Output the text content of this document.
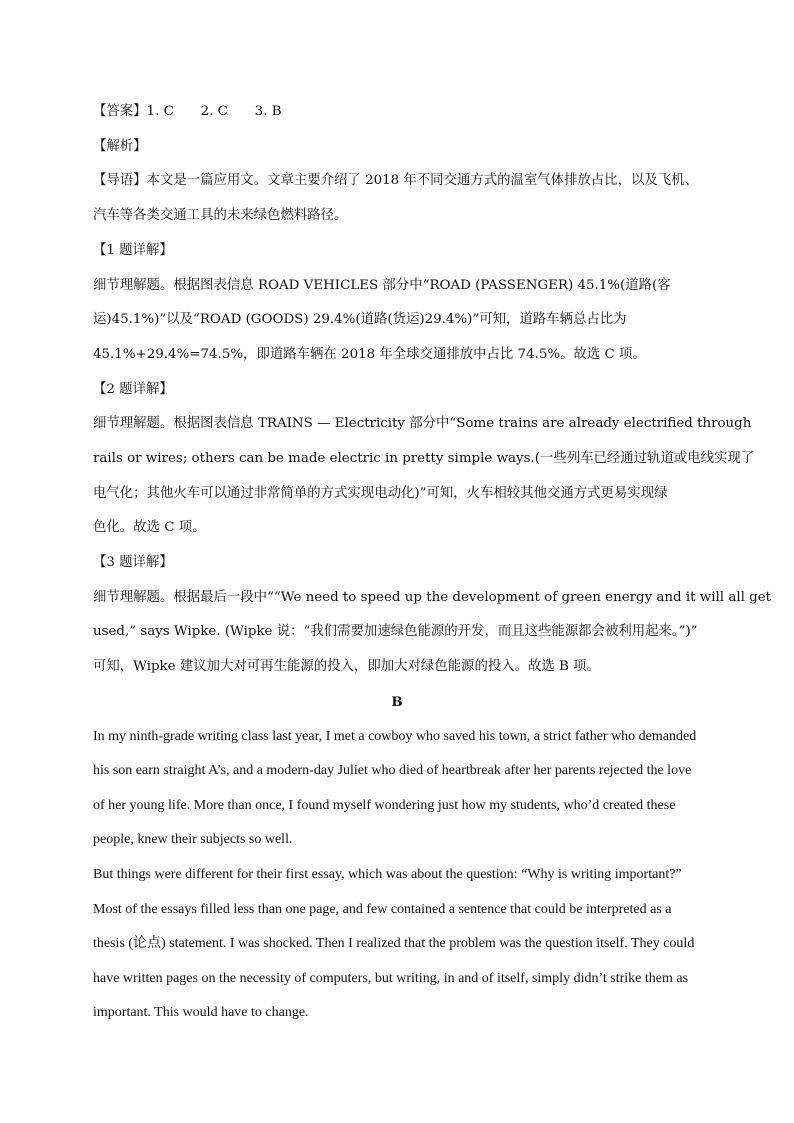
【答案】1. C　　2. C　　3. B
【解析】
【导语】本文是一篇应用文。文章主要介绍了 2018 年不同交通方式的温室气体排放占比，以及飞机、
汽车等各类交通工具的未来绿色燃料路径。
【1 题详解】
细节理解题。根据图表信息 ROAD VEHICLES 部分中“ROAD (PASSENGER) 45.1%(道路(客
运)45.1%)”以及“ROAD (GOODS) 29.4%(道路(货运)29.4%)”可知，道路车辆总占比为
45.1%+29.4%=74.5%，即道路车辆在 2018 年全球交通排放中占比 74.5%。故选 C 项。
【2 题详解】
细节理解题。根据图表信息 TRAINS — Electricity 部分中“Some trains are already electrified through
rails or wires; others can be made electric in pretty simple ways.(一些列车已经通过轨道或电线实现了
电气化；其他火车可以通过非常简单的方式实现电动化)”可知，火车相较其他交通方式更易实现绿
色化。故选 C 项。
【3 题详解】
细节理解题。根据最后一段中““We need to speed up the development of green energy and it will all get
used,” says Wipke. (Wipke 说：“我们需要加速绿色能源的开发，而且这些能源都会被利用起来。”)”
可知，Wipke 建议加大对可再生能源的投入，即加大对绿色能源的投入。故选 B 项。
B
In my ninth-grade writing class last year, I met a cowboy who saved his town, a strict father who demanded
his son earn straight A’s, and a modern-day Juliet who died of heartbreak after her parents rejected the love
of her young life. More than once, I found myself wondering just how my students, who’d created these
people, knew their subjects so well.
But things were different for their first essay, which was about the question: “Why is writing important?”
Most of the essays filled less than one page, and few contained a sentence that could be interpreted as a
thesis (论点) statement. I was shocked. Then I realized that the problem was the question itself. They could
have written pages on the necessity of computers, but writing, in and of itself, simply didn’t strike them as
important. This would have to change.
